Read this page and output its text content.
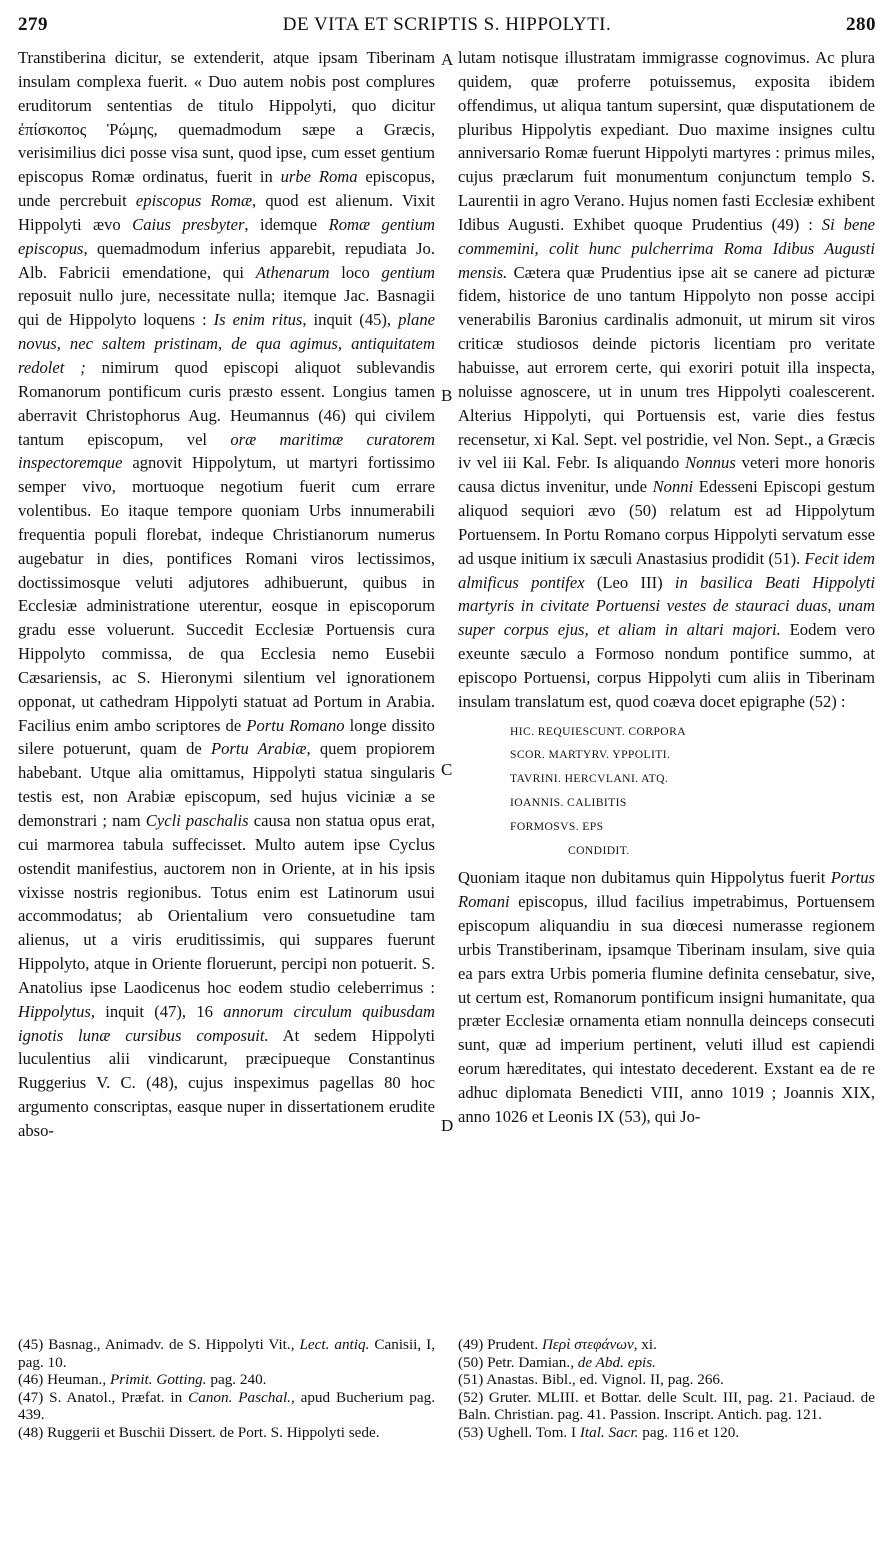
279	DE VITA ET SCRIPTIS S. HIPPOLYTI.	280
A
B
C
D

Transtiberina dicitur, se extenderit, atque ipsam Tiberinam insulam complexa fuerit. « Duo autem nobis post complures eruditorum sententias de titulo Hippolyti, quo dicitur ἐπίσκοπος Ῥώμης, quemadmodum sæpe a Græcis, verisimilius dici posse visa sunt, quod ipse, cum esset gentium episcopus Romæ ordinatus, fuerit in urbe Roma episcopus, unde percrebuit episcopus Romæ, quod est alienum. Vixit Hippolyti ævo Caius presbyter, idemque Romæ gentium episcopus, quemadmodum inferius apparebit, repudiata Jo. Alb. Fabricii emendatione, qui Athenarum loco gentium reposuit nullo jure, necessitate nulla; itemque Jac. Basnagii qui de Hippolyto loquens : Is enim ritus, inquit (45), plane novus, nec saltem pristinam, de qua agimus, antiquitatem redolet ; nimirum quod episcopi aliquot sublevandis Romanorum pontificum curis præsto essent. Longius tamen aberravit Christophorus Aug. Heumannus (46) qui civilem tantum episcopum, vel oræ maritimæ curatorem inspectoremque agnovit Hippolytum, ut martyri fortissimo semper vivo, mortuoque negotium fuerit cum errare volentibus. Eo itaque tempore quoniam Urbs innumerabili frequentia populi florebat, indeque Christianorum numerus augebatur in dies, pontifices Romani viros lectissimos, doctissimosque veluti adjutores adhibuerunt, quibus in Ecclesiæ administratione uterentur, eosque in episcoporum gradu esse voluerunt. Succedit Ecclesiæ Portuensis cura Hippolyto commissa, de qua Ecclesia nemo Eusebii Cæsariensis, ac S. Hieronymi silentium vel ignorationem opponat, ut cathedram Hippolyti statuat ad Portum in Arabia. Facilius enim ambo scriptores de Portu Romano longe dissito silere potuerunt, quam de Portu Arabiæ, quem propiorem habebant. Utque alia omittamus, Hippolyti statua singularis testis est, non Arabiæ episcopum, sed hujus viciniæ a se demonstrari ; nam Cycli paschalis causa non statua opus erat, cui marmorea tabula suffecisset. Multo autem ipse Cyclus ostendit manifestius, auctorem non in Oriente, at in his ipsis vixisse nostris regionibus. Totus enim est Latinorum usui accommodatus; ab Orientalium vero consuetudine tam alienus, ut a viris eruditissimis, qui suppares fuerunt Hippolyto, atque in Oriente floruerunt, percipi non potuerit. S. Anatolius ipse Laodicenus hoc eodem studio celeberrimus : Hippolytus, inquit (47), 16 annorum circulum quibusdam ignotis lunæ cursibus composuit. At sedem Hippolyti luculentius alii vindicarunt, præcipueque Constantinus Ruggerius V. C. (48), cujus inspeximus pagellas 80 hoc argumento conscriptas, easque nuper in dissertationem erudite abso-

lutam notisque illustratam immigrasse cognovimus. Ac plura quidem, quæ proferre potuissemus, exposita ibidem offendimus, ut aliqua tantum supersint, quæ disputationem de pluribus Hippolytis expediant. Duo maxime insignes cultu anniversario Romæ fuerunt Hippolyti martyres : primus miles, cujus præclarum fuit monumentum conjunctum templo S. Laurentii in agro Verano. Hujus nomen fasti Ecclesiæ exhibent Idibus Augusti. Exhibet quoque Prudentius (49) : Si bene commemini, colit hunc pulcherrima Roma Idibus Augusti mensis. Cætera quæ Prudentius ipse ait se canere ad picturæ fidem, historice de uno tantum Hippolyto non posse accipi venerabilis Baronius cardinalis admonuit, ut mirum sit viros criticæ studiosos deinde pictoris licentiam pro veritate habuisse, aut errorem certe, qui exoriri potuit illa inspecta, noluisse agnoscere, ut in unum tres Hippolyti coalescerent. Alterius Hippolyti, qui Portuensis est, varie dies festus recensetur, xi Kal. Sept. vel postridie, vel Non. Sept., a Græcis iv vel iii Kal. Febr. Is aliquando Nonnus veteri more honoris causa dictus invenitur, unde Nonni Edesseni Episcopi gestum aliquod sequiori ævo (50) relatum est ad Hippolytum Portuensem. In Portu Romano corpus Hippolyti servatum esse ad usque initium ix sæculi Anastasius prodidit (51). Fecit idem almificus pontifex (Leo III) in basilica Beati Hippolyti martyris in civitate Portuensi vestes de stauraci duas, unam super corpus ejus, et aliam in altari majori. Eodem vero exeunte sæculo a Formoso nondum pontifice summo, at episcopo Portuensi, corpus Hippolyti cum aliis in Tiberinam insulam translatum est, quod coæva docet epigraphe (52) :

HIC. REQUIESCUNT. CORPORA
SCOR. MARTYRV. YPPOLITI.
TAVRINI. HERCVLANI. ATQ.
IOANNIS. CALIBITIS
FORMOSVS. EPS
CONDIDIT.

Quoniam itaque non dubitamus quin Hippolytus fuerit Portus Romani episcopus, illud facilius impetrabimus, Portuensem episcopum aliquandiu in sua diœcesi numerasse regionem urbis Transtiberinam, ipsamque Tiberinam insulam, sive quia ea pars extra Urbis pomeria flumine definita censebatur, sive, ut certum est, Romanorum pontificum insigni humanitate, qua præter Ecclesiæ ornamenta etiam nonnulla deinceps consecuti sunt, quæ ad imperium pertinent, veluti illud est capiendi eorum hæreditates, qui intestato decederent. Exstant ea de re adhuc diplomata Benedicti VIII, anno 1019 ; Joannis XIX, anno 1026 et Leonis IX (53), qui Jo-

(45) Basnag., Animadv. de S. Hippolyti Vit., Lect. antiq. Canisii, I, pag. 10.
(46) Heuman., Primit. Gotting. pag. 240.
(47) S. Anatol., Præfat. in Canon. Paschal., apud Bucherium pag. 439.
(48) Ruggerii et Buschii Dissert. de Port. S. Hippolyti sede.
(49) Prudent. Περὶ στεφάνων, xi.
(50) Petr. Damian., de Abd. epis.
(51) Anastas. Bibl., ed. Vignol. II, pag. 266.
(52) Gruter. MLIII. et Bottar. delle Scult. III, pag. 21. Paciaud. de Baln. Christian. pag. 41. Passion. Inscript. Antich. pag. 121.
(53) Ughell. Tom. I Ital. Sacr. pag. 116 et 120.
